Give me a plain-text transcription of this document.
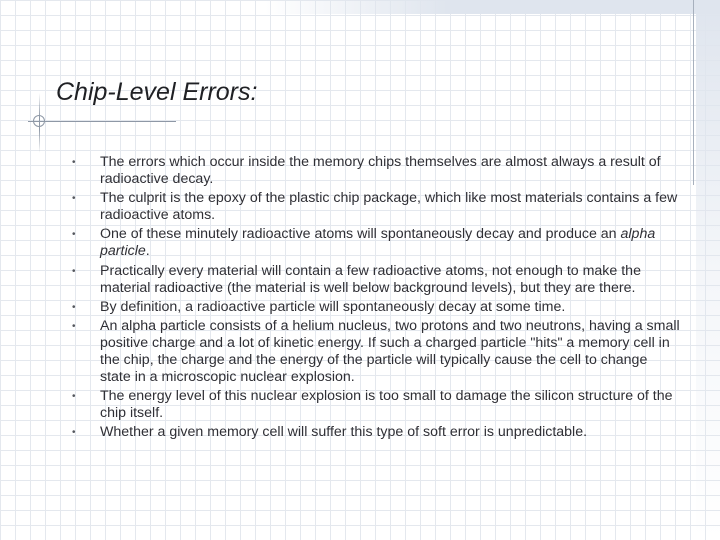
Chip-Level Errors:
• The errors which occur inside the memory chips themselves are almost always a result of radioactive decay.
• The culprit is the epoxy of the plastic chip package, which like most materials contains a few radioactive atoms.
• One of these minutely radioactive atoms will spontaneously decay and produce an alpha particle.
• Practically every material will contain a few radioactive atoms, not enough to make the material radioactive (the material is well below background levels), but they are there.
• By definition, a radioactive particle will spontaneously decay at some time.
• An alpha particle consists of a helium nucleus, two protons and two neutrons, having a small positive charge and a lot of kinetic energy. If such a charged particle "hits" a memory cell in the chip, the charge and the energy of the particle will typically cause the cell to change state in a microscopic nuclear explosion.
• The energy level of this nuclear explosion is too small to damage the silicon structure of the chip itself.
• Whether a given memory cell will suffer this type of soft error is unpredictable.
